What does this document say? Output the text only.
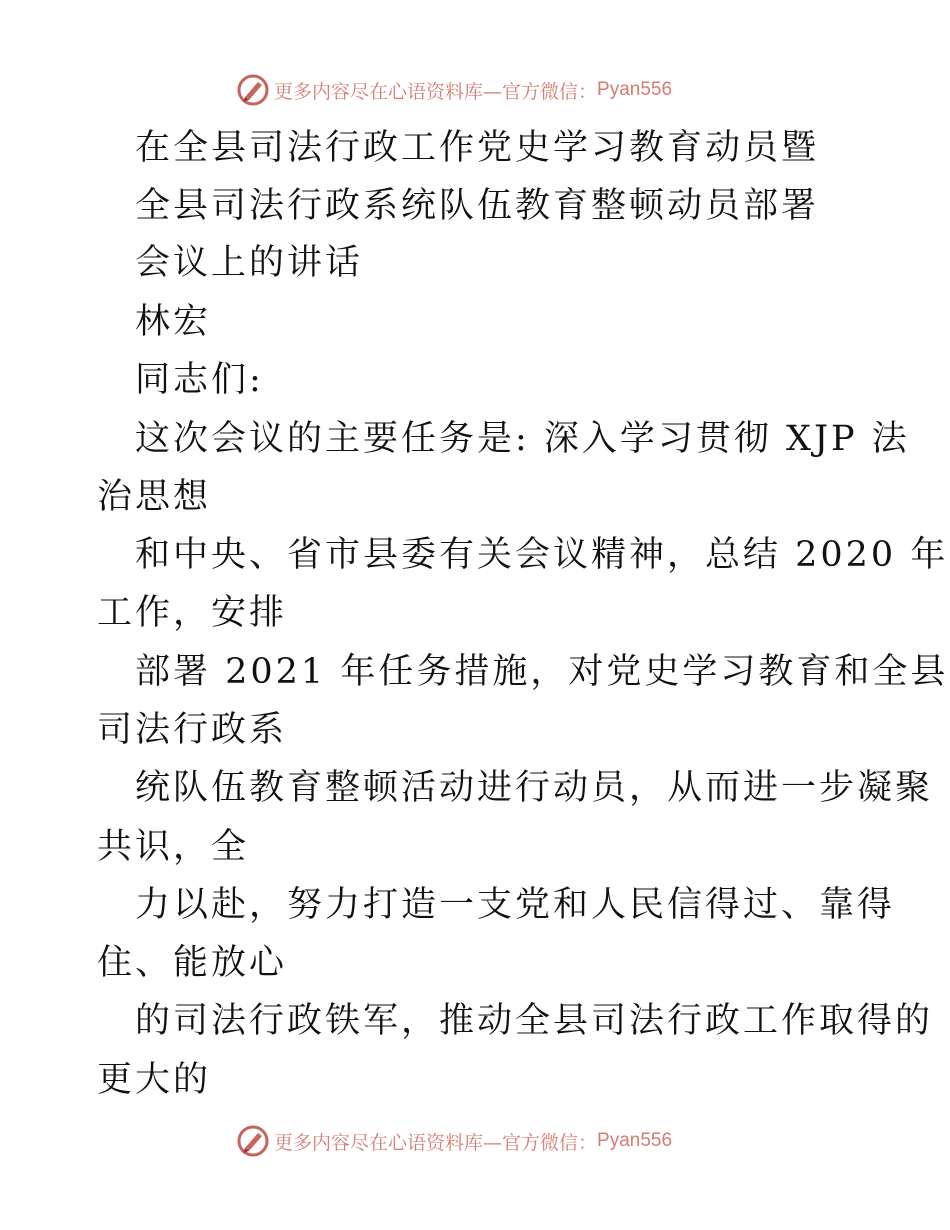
更多内容尽在心语资料库—官方微信： Pyan556
在全县司法行政工作党史学习教育动员暨
全县司法行政系统队伍教育整顿动员部署
会议上的讲话
林宏
同志们:
这次会议的主要任务是: 深入学习贯彻 XJP 法
治思想
和中央、省市县委有关会议精神，总结 2020 年
工作，安排
部署 2021 年任务措施，对党史学习教育和全县
司法行政系
统队伍教育整顿活动进行动员，从而进一步凝聚
共识，全
力以赴，努力打造一支党和人民信得过、靠得
住、能放心
的司法行政铁军，推动全县司法行政工作取得的
更大的
更多内容尽在心语资料库—官方微信： Pyan556
